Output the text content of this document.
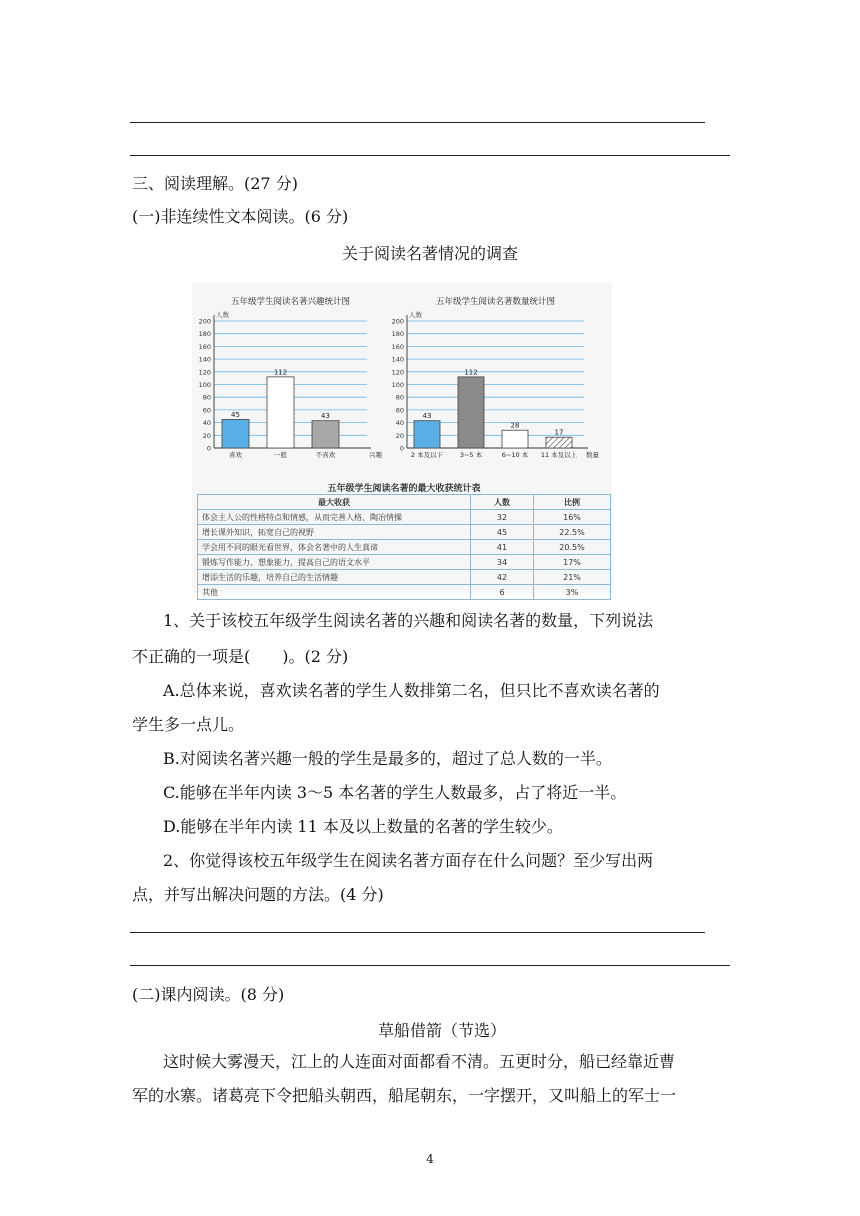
三、阅读理解。(27 分)
(一)非连续性文本阅读。(6 分)
关于阅读名著情况的调查
五年级学生阅读名著兴趣统计图
人数
0
20
40
60
80
100
120
140
160
180
200
45
喜欢
112
一般
43
不喜欢	兴趣
五年级学生阅读名著数量统计图
人数
0
20
40
60
80
100
120
140
160
180
200
43
2 本及以下
112
3~5 本
28
6~10 本
17
11 本及以上 数量
五年级学生阅读名著的最大收获统计表		
最大收获	人数	比例
体会主人公的性格特点和情感，从而完善人格、陶冶情操	32	16%
增长课外知识，拓宽自己的视野	45	22.5%
学会用不同的眼光看世界，体会名著中的人生真谛	41	20.5%
锻炼写作能力、想象能力，提高自己的语文水平	34	17%
增添生活的乐趣，培养自己的生活情趣	42	21%
其他	6	3%
1、关于该校五年级学生阅读名著的兴趣和阅读名著的数量，下列说法
不正确的一项是(　　)。(2 分)
A.总体来说，喜欢读名著的学生人数排第二名，但只比不喜欢读名著的
学生多一点儿。
B.对阅读名著兴趣一般的学生是最多的，超过了总人数的一半。
C.能够在半年内读 3～5 本名著的学生人数最多，占了将近一半。
D.能够在半年内读 11 本及以上数量的名著的学生较少。
2、你觉得该校五年级学生在阅读名著方面存在什么问题？至少写出两
点，并写出解决问题的方法。(4 分)
(二)课内阅读。(8 分)
草船借箭（节选）
这时候大雾漫天，江上的人连面对面都看不清。五更时分，船已经靠近曹
军的水寨。诸葛亮下令把船头朝西，船尾朝东，一字摆开，又叫船上的军士一
4
